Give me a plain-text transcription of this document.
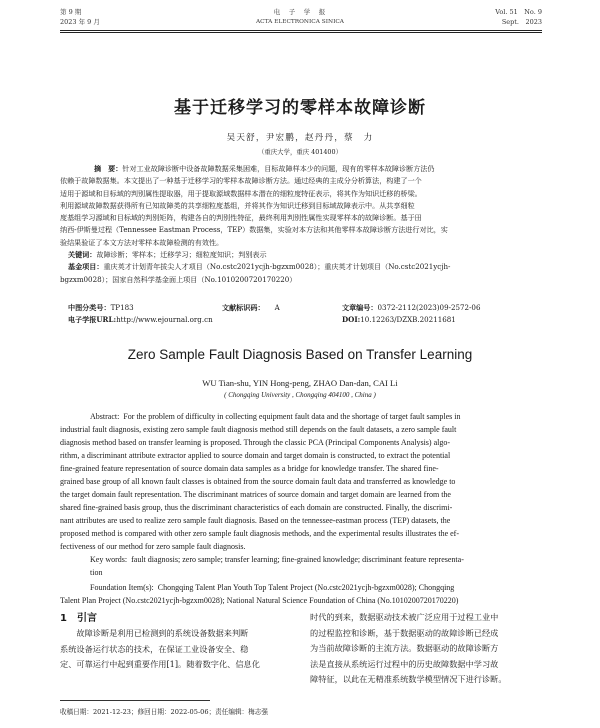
第 9 期
2023 年 9 月
电　子　学　报
ACTA ELECTRONICA SINICA
Vol. 51　No. 9
Sept.　2023
基于迁移学习的零样本故障诊断
吴天舒，尹宏鹏，赵丹丹，蔡　力
（重庆大学，重庆 401400）
摘　要：针对工业故障诊断中设备故障数据采集困难，目标故障样本少的问题，现有的零样本故障诊断方法仍
依赖于故障数据集。本文提出了一种基于迁移学习的零样本故障诊断方法。通过经典的主成分分析算法，构建了一个
适用于源域和目标域的判别属性提取器，用于提取源域数据样本潜在的细粒度特征表示，将其作为知识迁移的桥梁。
利用源域故障数据获得所有已知故障类的共享细粒度基组，并将其作为知识迁移到目标域故障表示中。从共享细粒
度基组学习源域和目标域的判别矩阵，构建各自的判别性特征，最终利用判别性属性实现零样本的故障诊断。基于田
纳西-伊斯曼过程（Tennessee Eastman Process，TEP）数据集，实验对本方法和其他零样本故障诊断方法进行对比，实
验结果验证了本文方法对零样本故障检测的有效性。
关键词：故障诊断；零样本；迁移学习；细粒度知识；判别表示
基金项目：重庆英才计划青年拔尖人才项目（No.cstc2021ycjh-bgzxm0028）；重庆英才计划项目（No.cstc2021ycjh-
bgzxm0028）；国家自然科学基金面上项目（No.1010200720170220）
中图分类号：TP183	文献标识码： A	文章编号：0372-2112(2023)09-2572-06
电子学报URL:http://www.ejournal.org.cn	DOI:10.12263/DZXB.20211681
Zero Sample Fault Diagnosis Based on Transfer Learning
WU Tian-shu, YIN Hong-peng, ZHAO Dan-dan, CAI Li
( Chongqing University , Chongqing 404100 , China )
Abstract: For the problem of difficulty in collecting equipment fault data and the shortage of target fault samples in
industrial fault diagnosis, existing zero sample fault diagnosis method still depends on the fault datasets, a zero sample fault
diagnosis method based on transfer learning is proposed. Through the classic PCA (Principal Components Analysis) algo-
rithm, a discriminant attribute extractor applied to source domain and target domain is constructed, to extract the potential
fine-grained feature representation of source domain data samples as a bridge for knowledge transfer. The shared fine-
grained base group of all known fault classes is obtained from the source domain fault data and transferred as knowledge to
the target domain fault representation. The discriminant matrices of source domain and target domain are learned from the
shared fine-grained basis group, thus the discriminant characteristics of each domain are constructed. Finally, the discrimi-
nant attributes are used to realize zero sample fault diagnosis. Based on the tennessee-eastman process (TEP) datasets, the
proposed method is compared with other zero sample fault diagnosis methods, and the experimental results illustrates the ef-
fectiveness of our method for zero sample fault diagnosis.
Key words: fault diagnosis; zero sample; transfer learning; fine-grained knowledge; discriminant feature representa-
tion
Foundation Item(s): Chongqing Talent Plan Youth Top Talent Project (No.cstc2021ycjh-bgzxm0028); Chongqing
Talent Plan Project (No.cstc2021ycjh-bgzxm0028); National Natural Science Foundation of China (No.1010200720170220)
1　引言
　　故障诊断是利用已检测到的系统设备数据来判断
系统设备运行状态的技术，在保证工业设备安全、稳
定、可靠运行中起到重要作用[1]。随着数字化、信息化
时代的到来，数据驱动技术被广泛应用于过程工业中
的过程监控和诊断，基于数据驱动的故障诊断已经成
为当前故障诊断的主流方法。数据驱动的故障诊断方
法是直接从系统运行过程中的历史故障数据中学习故
障特征，以此在无精准系统数学模型情况下进行诊断。
收稿日期：2021-12-23；修回日期：2022-05-06；责任编辑：梅志强
